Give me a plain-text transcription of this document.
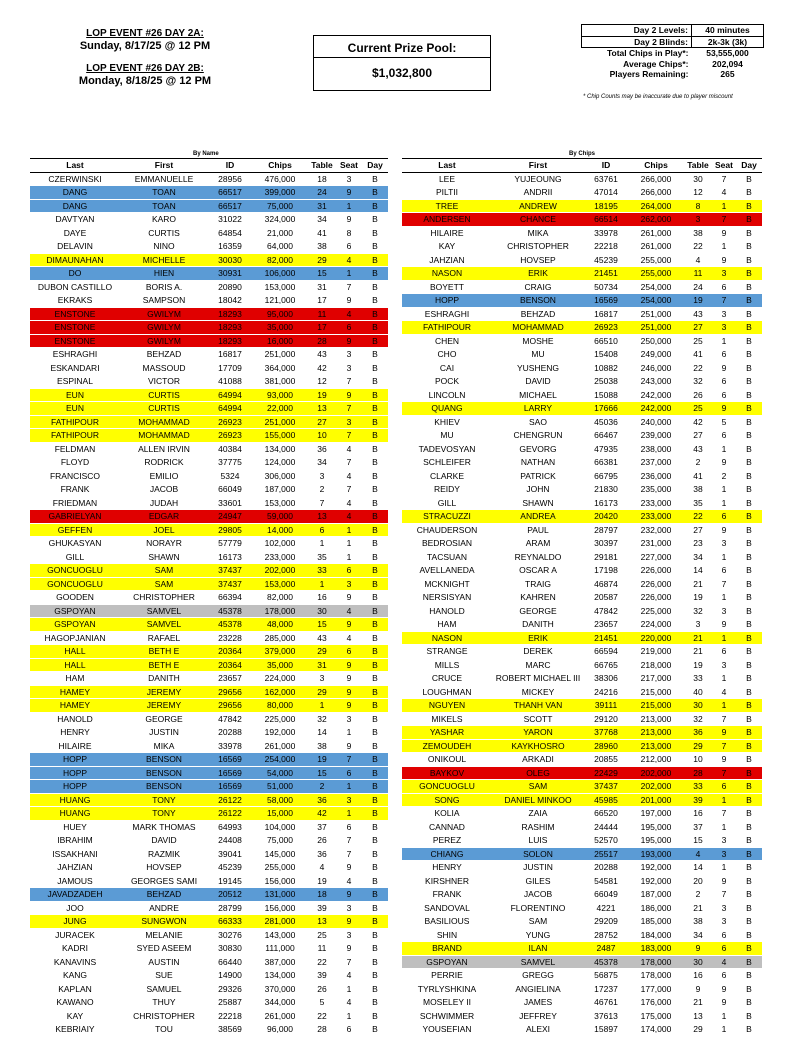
LOP EVENT #26 DAY 2A:
Sunday, 8/17/25 @ 12 PM
LOP EVENT #26 DAY 2B:
Monday, 8/18/25 @ 12 PM
Current Prize Pool:
$1,032,800
Day 2 Levels:	40 minutes
Day 2 Blinds:	2k-3k (3k)
Total Chips in Play*:	53,555,000
Average Chips*:	202,094
Players Remaining:	265
* Chip Counts may be inaccurate due to player miscount
By Name	By Chips
Last	First	ID	Chips	Table	Seat	Day
CZERWINSKI	EMMANUELLE	28956	476,000	18	3	B
DANG	TOAN	66517	399,000	24	9	B
DANG	TOAN	66517	75,000	31	1	B
DAVTYAN	KARO	31022	324,000	34	9	B
DAYE	CURTIS	64854	21,000	41	8	B
DELAVIN	NINO	16359	64,000	38	6	B
DIMAUNAHAN	MICHELLE	30030	82,000	29	4	B
DO	HIEN	30931	106,000	15	1	B
DUBON CASTILLO	BORIS A.	20890	153,000	31	7	B
EKRAKS	SAMPSON	18042	121,000	17	9	B
ENSTONE	GWILYM	18293	95,000	11	4	B
ENSTONE	GWILYM	18293	35,000	17	6	B
ENSTONE	GWILYM	18293	16,000	28	9	B
ESHRAGHI	BEHZAD	16817	251,000	43	3	B
ESKANDARI	MASSOUD	17709	364,000	42	3	B
ESPINAL	VICTOR	41088	381,000	12	7	B
EUN	CURTIS	64994	93,000	19	9	B
EUN	CURTIS	64994	22,000	13	7	B
FATHIPOUR	MOHAMMAD	26923	251,000	27	3	B
FATHIPOUR	MOHAMMAD	26923	155,000	10	7	B
FELDMAN	ALLEN IRVIN	40384	134,000	36	4	B
FLOYD	RODRICK	37775	124,000	34	7	B
FRANCISCO	EMILIO	5324	306,000	3	4	B
FRANK	JACOB	66049	187,000	2	7	B
FRIEDMAN	JUDAH	33601	153,000	7	4	B
GABRIELYAN	EDGAR	24947	59,000	13	4	B
GEFFEN	JOEL	29805	14,000	6	1	B
GHUKASYAN	NORAYR	57779	102,000	1	1	B
GILL	SHAWN	16173	233,000	35	1	B
GONCUOGLU	SAM	37437	202,000	33	6	B
GONCUOGLU	SAM	37437	153,000	1	3	B
GOODEN	CHRISTOPHER	66394	82,000	16	9	B
GSPOYAN	SAMVEL	45378	178,000	30	4	B
GSPOYAN	SAMVEL	45378	48,000	15	9	B
HAGOPJANIAN	RAFAEL	23228	285,000	43	4	B
HALL	BETH E	20364	379,000	29	6	B
HALL	BETH E	20364	35,000	31	9	B
HAM	DANITH	23657	224,000	3	9	B
HAMEY	JEREMY	29656	162,000	29	9	B
HAMEY	JEREMY	29656	80,000	1	9	B
HANOLD	GEORGE	47842	225,000	32	3	B
HENRY	JUSTIN	20288	192,000	14	1	B
HILAIRE	MIKA	33978	261,000	38	9	B
HOPP	BENSON	16569	254,000	19	7	B
HOPP	BENSON	16569	54,000	15	6	B
HOPP	BENSON	16569	51,000	2	1	B
HUANG	TONY	26122	58,000	36	3	B
HUANG	TONY	26122	15,000	42	1	B
HUEY	MARK THOMAS	64993	104,000	37	6	B
IBRAHIM	DAVID	24408	75,000	26	7	B
ISSAKHANI	RAZMIK	39041	145,000	36	7	B
JAHZIAN	HOVSEP	45239	255,000	4	9	B
JAMOUS	GEORGES SAMI	19145	156,000	19	4	B
JAVADZADEH	BEHZAD	20512	131,000	18	9	B
JOO	ANDRE	28799	156,000	39	3	B
JUNG	SUNGWON	66333	281,000	13	9	B
JURACEK	MELANIE	30276	143,000	25	3	B
KADRI	SYED ASEEM	30830	111,000	11	9	B
KANAVINS	AUSTIN	66440	387,000	22	7	B
KANG	SUE	14900	134,000	39	4	B
KAPLAN	SAMUEL	29326	370,000	26	1	B
KAWANO	THUY	25887	344,000	5	4	B
KAY	CHRISTOPHER	22218	261,000	22	1	B
KEBRIAIY	TOU	38569	96,000	28	6	B
Last	First	ID	Chips	Table	Seat	Day
LEE	YUJEOUNG	63761	266,000	30	7	B
PILTII	ANDRII	47014	266,000	12	4	B
TREE	ANDREW	18195	264,000	8	1	B
ANDERSEN	CHANCE	66514	262,000	3	7	B
HILAIRE	MIKA	33978	261,000	38	9	B
KAY	CHRISTOPHER	22218	261,000	22	1	B
JAHZIAN	HOVSEP	45239	255,000	4	9	B
NASON	ERIK	21451	255,000	11	3	B
BOYETT	CRAIG	50734	254,000	24	6	B
HOPP	BENSON	16569	254,000	19	7	B
ESHRAGHI	BEHZAD	16817	251,000	43	3	B
FATHIPOUR	MOHAMMAD	26923	251,000	27	3	B
CHEN	MOSHE	66510	250,000	25	1	B
CHO	MU	15408	249,000	41	6	B
CAI	YUSHENG	10882	246,000	22	9	B
POCK	DAVID	25038	243,000	32	6	B
LINCOLN	MICHAEL	15088	242,000	26	6	B
QUANG	LARRY	17666	242,000	25	9	B
KHIEV	SAO	45036	240,000	42	5	B
MU	CHENGRUN	66467	239,000	27	6	B
TADEVOSYAN	GEVORG	47935	238,000	43	1	B
SCHLEIFER	NATHAN	66381	237,000	2	9	B
CLARKE	PATRICK	66795	236,000	41	2	B
REIDY	JOHN	21830	235,000	38	1	B
GILL	SHAWN	16173	233,000	35	1	B
STRACUZZI	ANDREA	20420	233,000	22	6	B
CHAUDERSON	PAUL	28797	232,000	27	9	B
BEDROSIAN	ARAM	30397	231,000	23	3	B
TACSUAN	REYNALDO	29181	227,000	34	1	B
AVELLANEDA	OSCAR A	17198	226,000	14	6	B
MCKNIGHT	TRAIG	46874	226,000	21	7	B
NERSISYAN	KAHREN	20587	226,000	19	1	B
HANOLD	GEORGE	47842	225,000	32	3	B
HAM	DANITH	23657	224,000	3	9	B
NASON	ERIK	21451	220,000	21	1	B
STRANGE	DEREK	66594	219,000	21	6	B
MILLS	MARC	66765	218,000	19	3	B
CRUCE	ROBERT MICHAEL III	38306	217,000	33	1	B
LOUGHMAN	MICKEY	24216	215,000	40	4	B
NGUYEN	THANH VAN	39111	215,000	30	1	B
MIKELS	SCOTT	29120	213,000	32	7	B
YASHAR	YARON	37768	213,000	36	9	B
ZEMOUDEH	KAYKHOSRO	28960	213,000	29	7	B
ONIKOUL	ARKADI	20855	212,000	10	9	B
BAYKOV	OLEG	22429	202,000	28	7	B
GONCUOGLU	SAM	37437	202,000	33	6	B
SONG	DANIEL MINKOO	45985	201,000	39	1	B
KOLIA	ZAIA	66520	197,000	16	7	B
CANNAD	RASHIM	24444	195,000	37	1	B
PEREZ	LUIS	52570	195,000	15	3	B
CHIANG	SOLON	25517	193,000	4	3	B
HENRY	JUSTIN	20288	192,000	14	1	B
KIRSHNER	GILES	54581	192,000	20	9	B
FRANK	JACOB	66049	187,000	2	7	B
SANDOVAL	FLORENTINO	4221	186,000	21	3	B
BASILIOUS	SAM	29209	185,000	38	3	B
SHIN	YUNG	28752	184,000	34	6	B
BRAND	ILAN	2487	183,000	9	6	B
GSPOYAN	SAMVEL	45378	178,000	30	4	B
PERRIE	GREGG	56875	178,000	16	6	B
TYRLYSHKINA	ANGIELINA	17237	177,000	9	9	B
MOSELEY II	JAMES	46761	176,000	21	9	B
SCHWIMMER	JEFFREY	37613	175,000	13	1	B
YOUSEFIAN	ALEXI	15897	174,000	29	1	B
